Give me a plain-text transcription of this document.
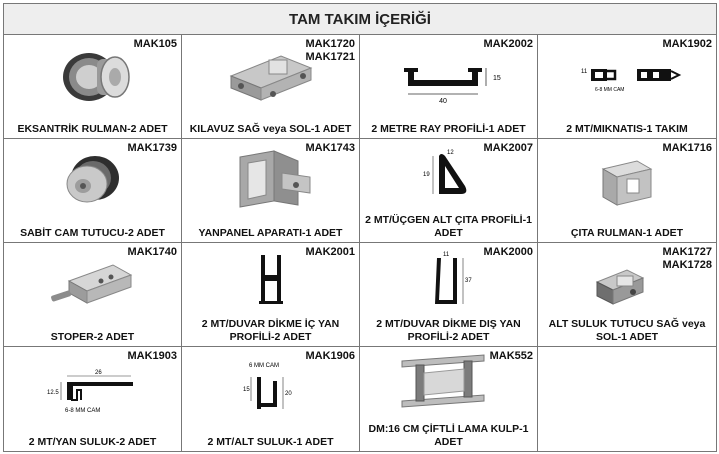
TAM TAKIM İÇERİĞİ
MAK105
EKSANTRİK RULMAN-2 ADET
MAK1720
MAK1721
KILAVUZ SAĞ veya SOL-1 ADET
MAK2002
40
15
2 METRE RAY PROFİLİ-1 ADET
MAK1902
11
6-8 MM CAM
2 MT/MIKNATIS-1 TAKIM
MAK1739
SABİT CAM TUTUCU-2 ADET
MAK1743
YANPANEL APARATI-1 ADET
MAK2007
19
12
2 MT/ÜÇGEN ALT ÇITA PROFİLİ-1 ADET
MAK1716
ÇITA RULMAN-1 ADET
MAK1740
STOPER-2 ADET
MAK2001
2 MT/DUVAR DİKME İÇ YAN PROFİLİ-2 ADET
MAK2000
11
37
2 MT/DUVAR DİKME DIŞ YAN PROFİLİ-2 ADET
MAK1727
MAK1728
ALT SULUK TUTUCU SAĞ veya SOL-1 ADET
MAK1903
26
12.5
6-8 MM CAM
2 MT/YAN SULUK-2 ADET
MAK1906
6 MM CAM
15
20
2 MT/ALT SULUK-1 ADET
MAK552
DM:16 CM ÇİFTLİ LAMA KULP-1 ADET
